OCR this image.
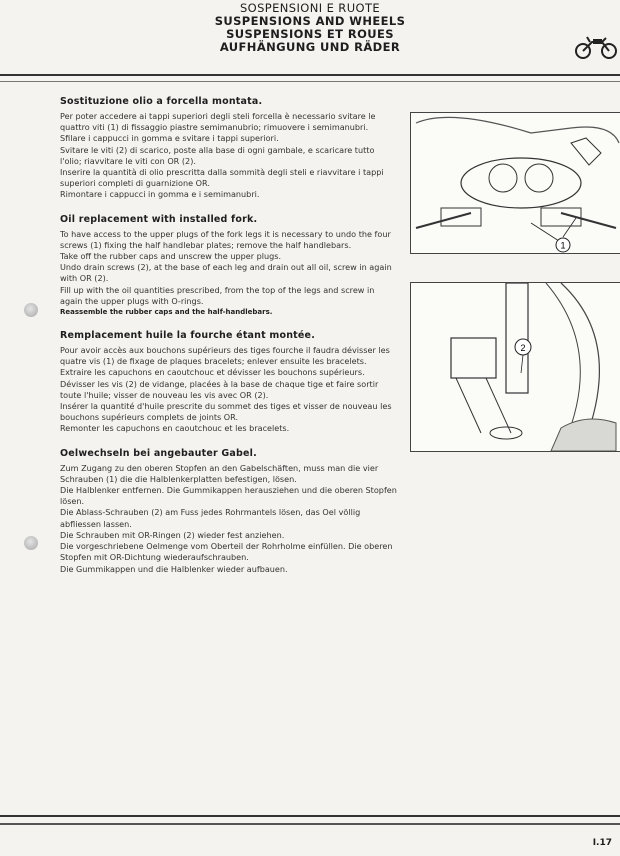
SOSPENSIONI E RUOTE
SUSPENSIONS AND WHEELS
SUSPENSIONS ET ROUES
AUFHÄNGUNG UND RÄDER
Sostituzione olio a forcella montata.

Per poter accedere ai tappi superiori degli steli forcella è necessario svitare le quattro viti (1) di fissaggio piastre semimanubrio; rimuovere i semimanubri.

Sfilare i cappucci in gomma e svitare i tappi superiori.

Svitare le viti (2) di scarico, poste alla base di ogni gambale, e scaricare tutto l'olio; riavvitare le viti con OR (2).

Inserire la quantità di olio prescritta dalla sommità degli steli e riavvitare i tappi superiori completi di guarnizione OR.

Rimontare i cappucci in gomma e i semimanubri.

Oil replacement with installed fork.

To have access to the upper plugs of the fork legs it is necessary to undo the four screws (1) fixing the half handlebar plates; remove the half handlebars.

Take off the rubber caps and unscrew the upper plugs.

Undo drain screws (2), at the base of each leg and drain out all oil, screw in again with OR (2).

Fill up with the oil quantities prescribed, from the top of the legs and screw in again the upper plugs with O-rings.

Reassemble the rubber caps and the half-handlebars.

Remplacement huile la fourche étant montée.

Pour avoir accès aux bouchons supérieurs des tiges fourche il faudra dévisser les quatre vis (1) de fixage de plaques bracelets; enlever ensuite les bracelets.

Extraire les capuchons en caoutchouc et dévisser les bouchons supérieurs.

Dévisser les vis (2) de vidange, placées à la base de chaque tige et faire sortir toute l'huile; visser de nouveau les vis avec OR (2).

Insérer la quantité d'huile prescrite du sommet des tiges et visser de nouveau les bouchons supérieurs complets de joints OR.

Remonter les capuchons en caoutchouc et les bracelets.

Oelwechseln bei angebauter Gabel.

Zum Zugang zu den oberen Stopfen an den Gabelschäften, muss man die vier Schrauben (1) die die Halblenkerplatten befestigen, lösen.

Die Halblenker entfernen. Die Gummikappen herausziehen und die oberen Stopfen lösen.

Die Ablass-Schrauben (2) am Fuss jedes Rohrmantels lösen, das Oel völlig abfliessen lassen.

Die Schrauben mit OR-Ringen (2) wieder fest anziehen.

Die vorgeschriebene Oelmenge vom Oberteil der Rohrholme einfüllen. Die oberen Stopfen mit OR-Dichtung wiederaufschrauben.

Die Gummikappen und die Halblenker wieder aufbauen.

1
2
I.17
